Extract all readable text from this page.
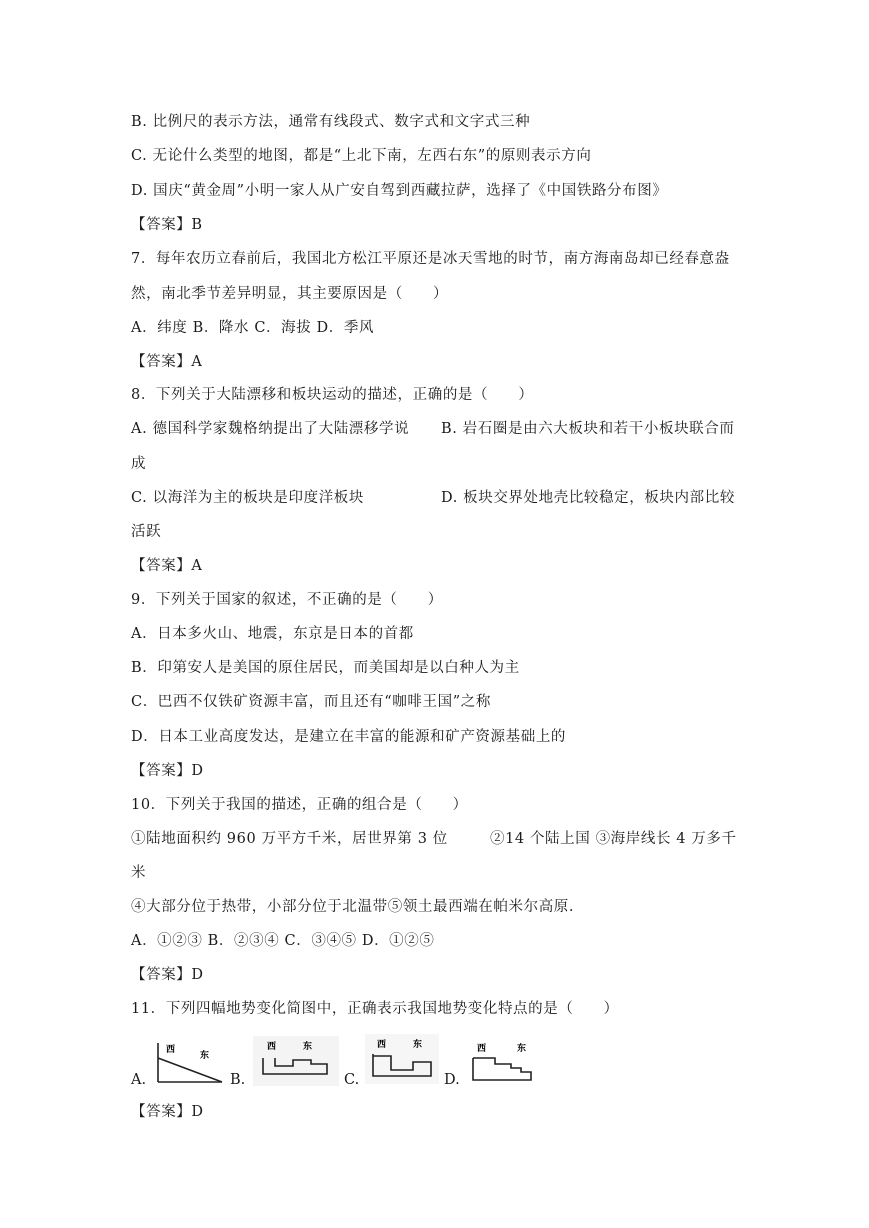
B. 比例尺的表示方法，通常有线段式、数字式和文字式三种
C. 无论什么类型的地图，都是“上北下南，左西右东”的原则表示方向
D. 国庆“黄金周”小明一家人从广安自驾到西藏拉萨，选择了《中国铁路分布图》
【答案】B
7．每年农历立春前后，我国北方松江平原还是冰天雪地的时节，南方海南岛却已经春意盎
然，南北季节差异明显，其主要原因是（　　）
A．纬度 B．降水 C．海拔 D．季风
【答案】A
8．下列关于大陆漂移和板块运动的描述，正确的是（　　）
A. 德国科学家魏格纳提出了大陆漂移学说 B. 岩石圈是由六大板块和若干小板块联合而
成
C. 以海洋为主的板块是印度洋板块	D. 板块交界处地壳比较稳定，板块内部比较
活跃
【答案】A
9．下列关于国家的叙述，不正确的是（　　）
A．日本多火山、地震，东京是日本的首都
B．印第安人是美国的原住居民，而美国却是以白种人为主
C．巴西不仅铁矿资源丰富，而且还有“咖啡王国”之称
D．日本工业高度发达，是建立在丰富的能源和矿产资源基础上的
【答案】D
10．下列关于我国的描述，正确的组合是（　　）
①陆地面积约 960 万平方千米，居世界第 3 位	②14 个陆上国 ③海岸线长 4 万多千
米
④大部分位于热带，小部分位于北温带⑤领土最西端在帕米尔高原.
A．①②③ B．②③④ C．③④⑤ D．①②⑤
【答案】D
11．下列四幅地势变化简图中，正确表示我国地势变化特点的是（　　）
A.
西
东
B.
西	东
C.
西	东
D.
西	东
【答案】D
